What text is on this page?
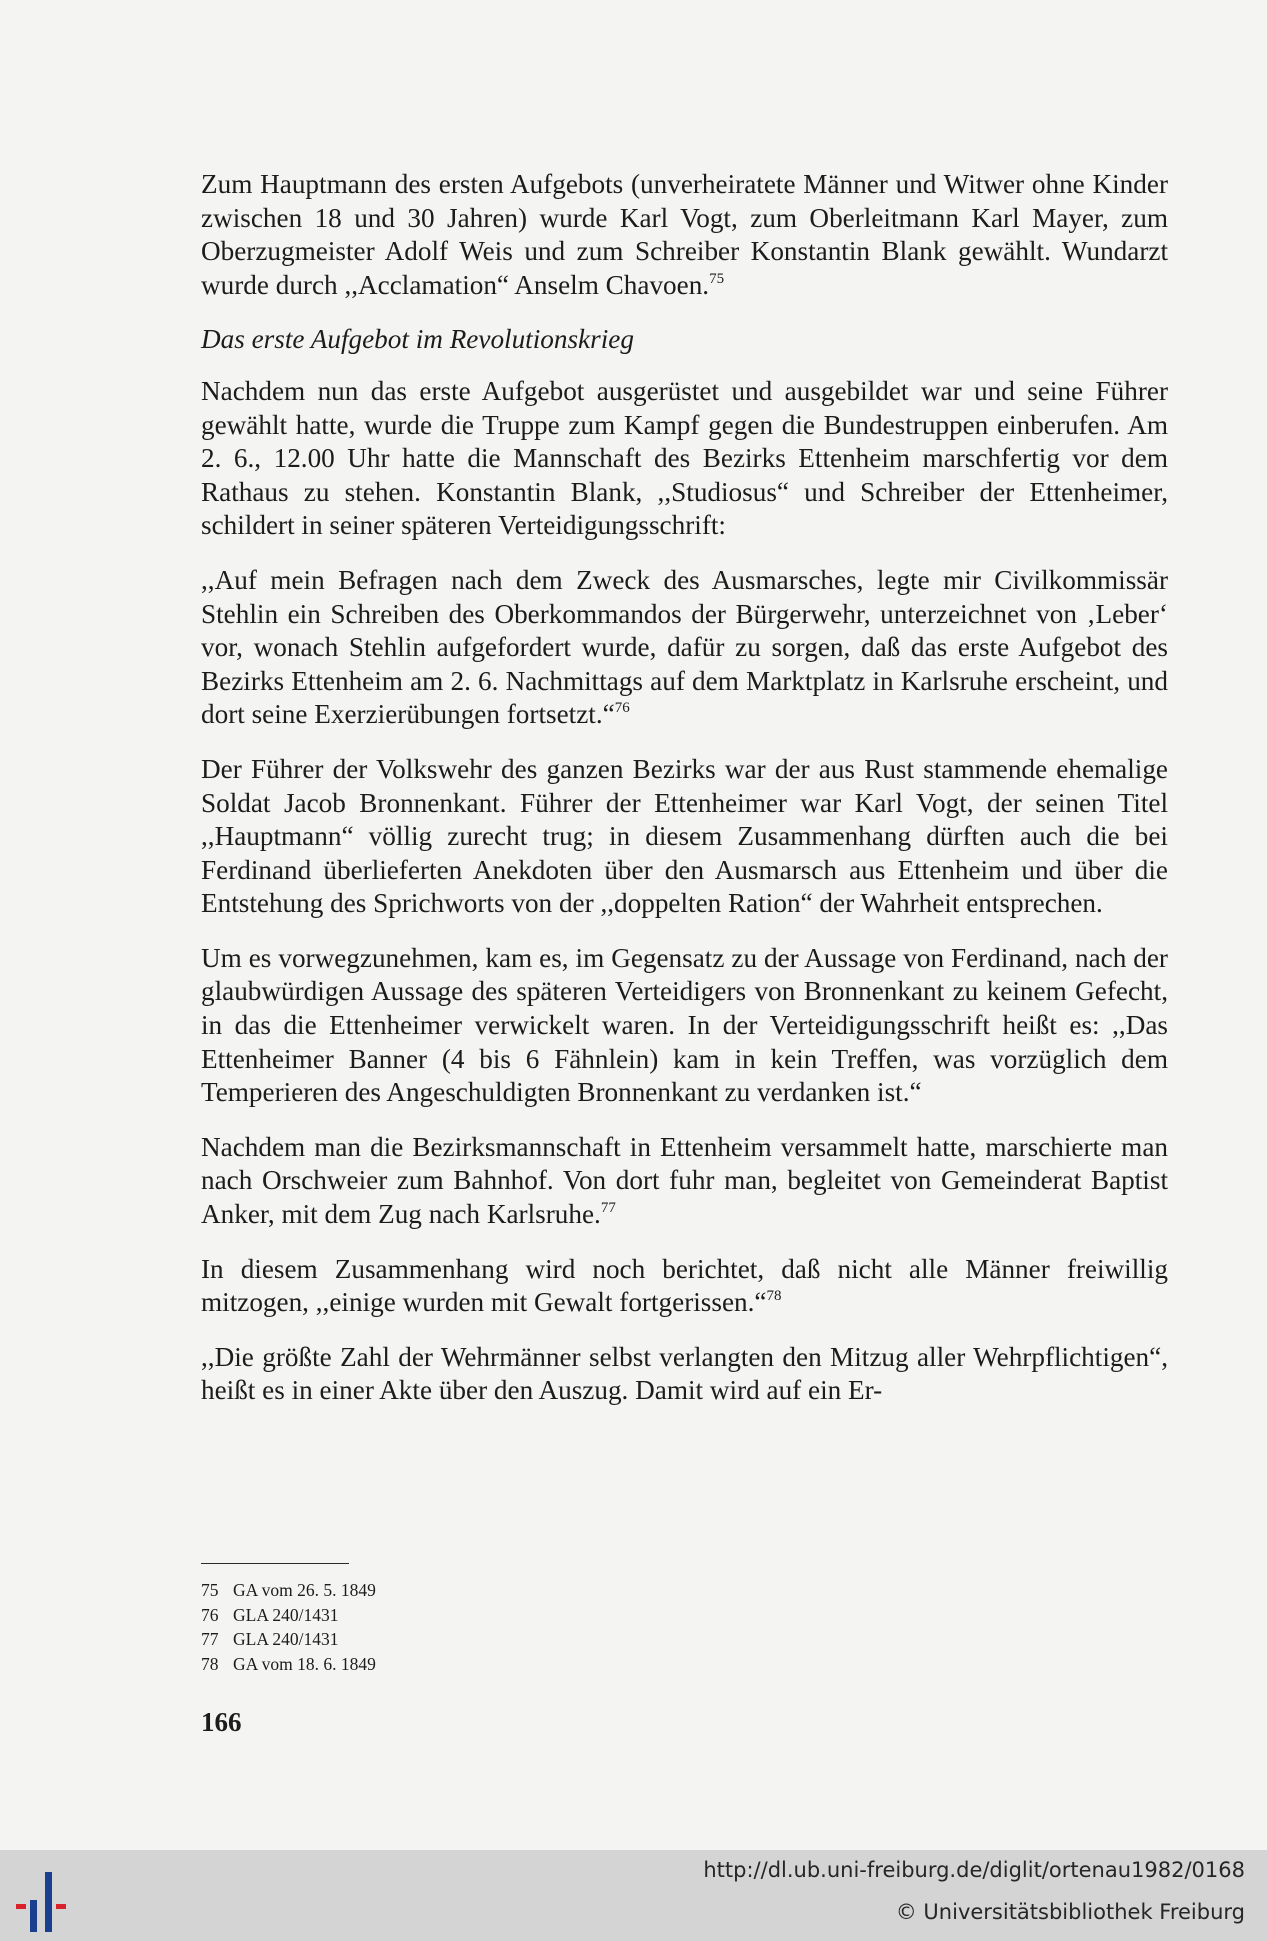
Zum Hauptmann des ersten Aufgebots (unverheiratete Männer und Witwer ohne Kinder zwischen 18 und 30 Jahren) wurde Karl Vogt, zum Oberleitmann Karl Mayer, zum Oberzugmeister Adolf Weis und zum Schreiber Konstantin Blank gewählt. Wundarzt wurde durch ,,Acclamation“ Anselm Chavoen.$^{75}$

Das erste Aufgebot im Revolutionskrieg

Nachdem nun das erste Aufgebot ausgerüstet und ausgebildet war und seine Führer gewählt hatte, wurde die Truppe zum Kampf gegen die Bundestruppen einberufen. Am 2. 6., 12.00 Uhr hatte die Mannschaft des Bezirks Ettenheim marschfertig vor dem Rathaus zu stehen. Konstantin Blank, ,,Studiosus“ und Schreiber der Ettenheimer, schildert in seiner späteren Verteidigungsschrift:

,,Auf mein Befragen nach dem Zweck des Ausmarsches, legte mir Civilkommissär Stehlin ein Schreiben des Oberkommandos der Bürgerwehr, unterzeichnet von ‚Leber‘ vor, wonach Stehlin aufgefordert wurde, dafür zu sorgen, daß das erste Aufgebot des Bezirks Ettenheim am 2. 6. Nachmittags auf dem Marktplatz in Karlsruhe erscheint, und dort seine Exerzierübungen fortsetzt.“$^{76}$

Der Führer der Volkswehr des ganzen Bezirks war der aus Rust stammende ehemalige Soldat Jacob Bronnenkant. Führer der Ettenheimer war Karl Vogt, der seinen Titel ,,Hauptmann“ völlig zurecht trug; in diesem Zusammenhang dürften auch die bei Ferdinand überlieferten Anekdoten über den Ausmarsch aus Ettenheim und über die Entstehung des Sprichworts von der ,,doppelten Ration“ der Wahrheit entsprechen.

Um es vorwegzunehmen, kam es, im Gegensatz zu der Aussage von Ferdinand, nach der glaubwürdigen Aussage des späteren Verteidigers von Bronnenkant zu keinem Gefecht, in das die Ettenheimer verwickelt waren. In der Verteidigungsschrift heißt es: ,,Das Ettenheimer Banner (4 bis 6 Fähnlein) kam in kein Treffen, was vorzüglich dem Temperieren des Angeschuldigten Bronnenkant zu verdanken ist.“

Nachdem man die Bezirksmannschaft in Ettenheim versammelt hatte, marschierte man nach Orschweier zum Bahnhof. Von dort fuhr man, begleitet von Gemeinderat Baptist Anker, mit dem Zug nach Karlsruhe.$^{77}$

In diesem Zusammenhang wird noch berichtet, daß nicht alle Männer freiwillig mitzogen, ,,einige wurden mit Gewalt fortgerissen.“$^{78}$

,,Die größte Zahl der Wehrmänner selbst verlangten den Mitzug aller Wehrpflichtigen“, heißt es in einer Akte über den Auszug. Damit wird auf ein Er-

75 GA vom 26. 5. 1849
76 GLA 240/1431
77 GLA 240/1431
78 GA vom 18. 6. 1849
166
http://dl.ub.uni-freiburg.de/diglit/ortenau1982/0168
© Universitätsbibliothek Freiburg
